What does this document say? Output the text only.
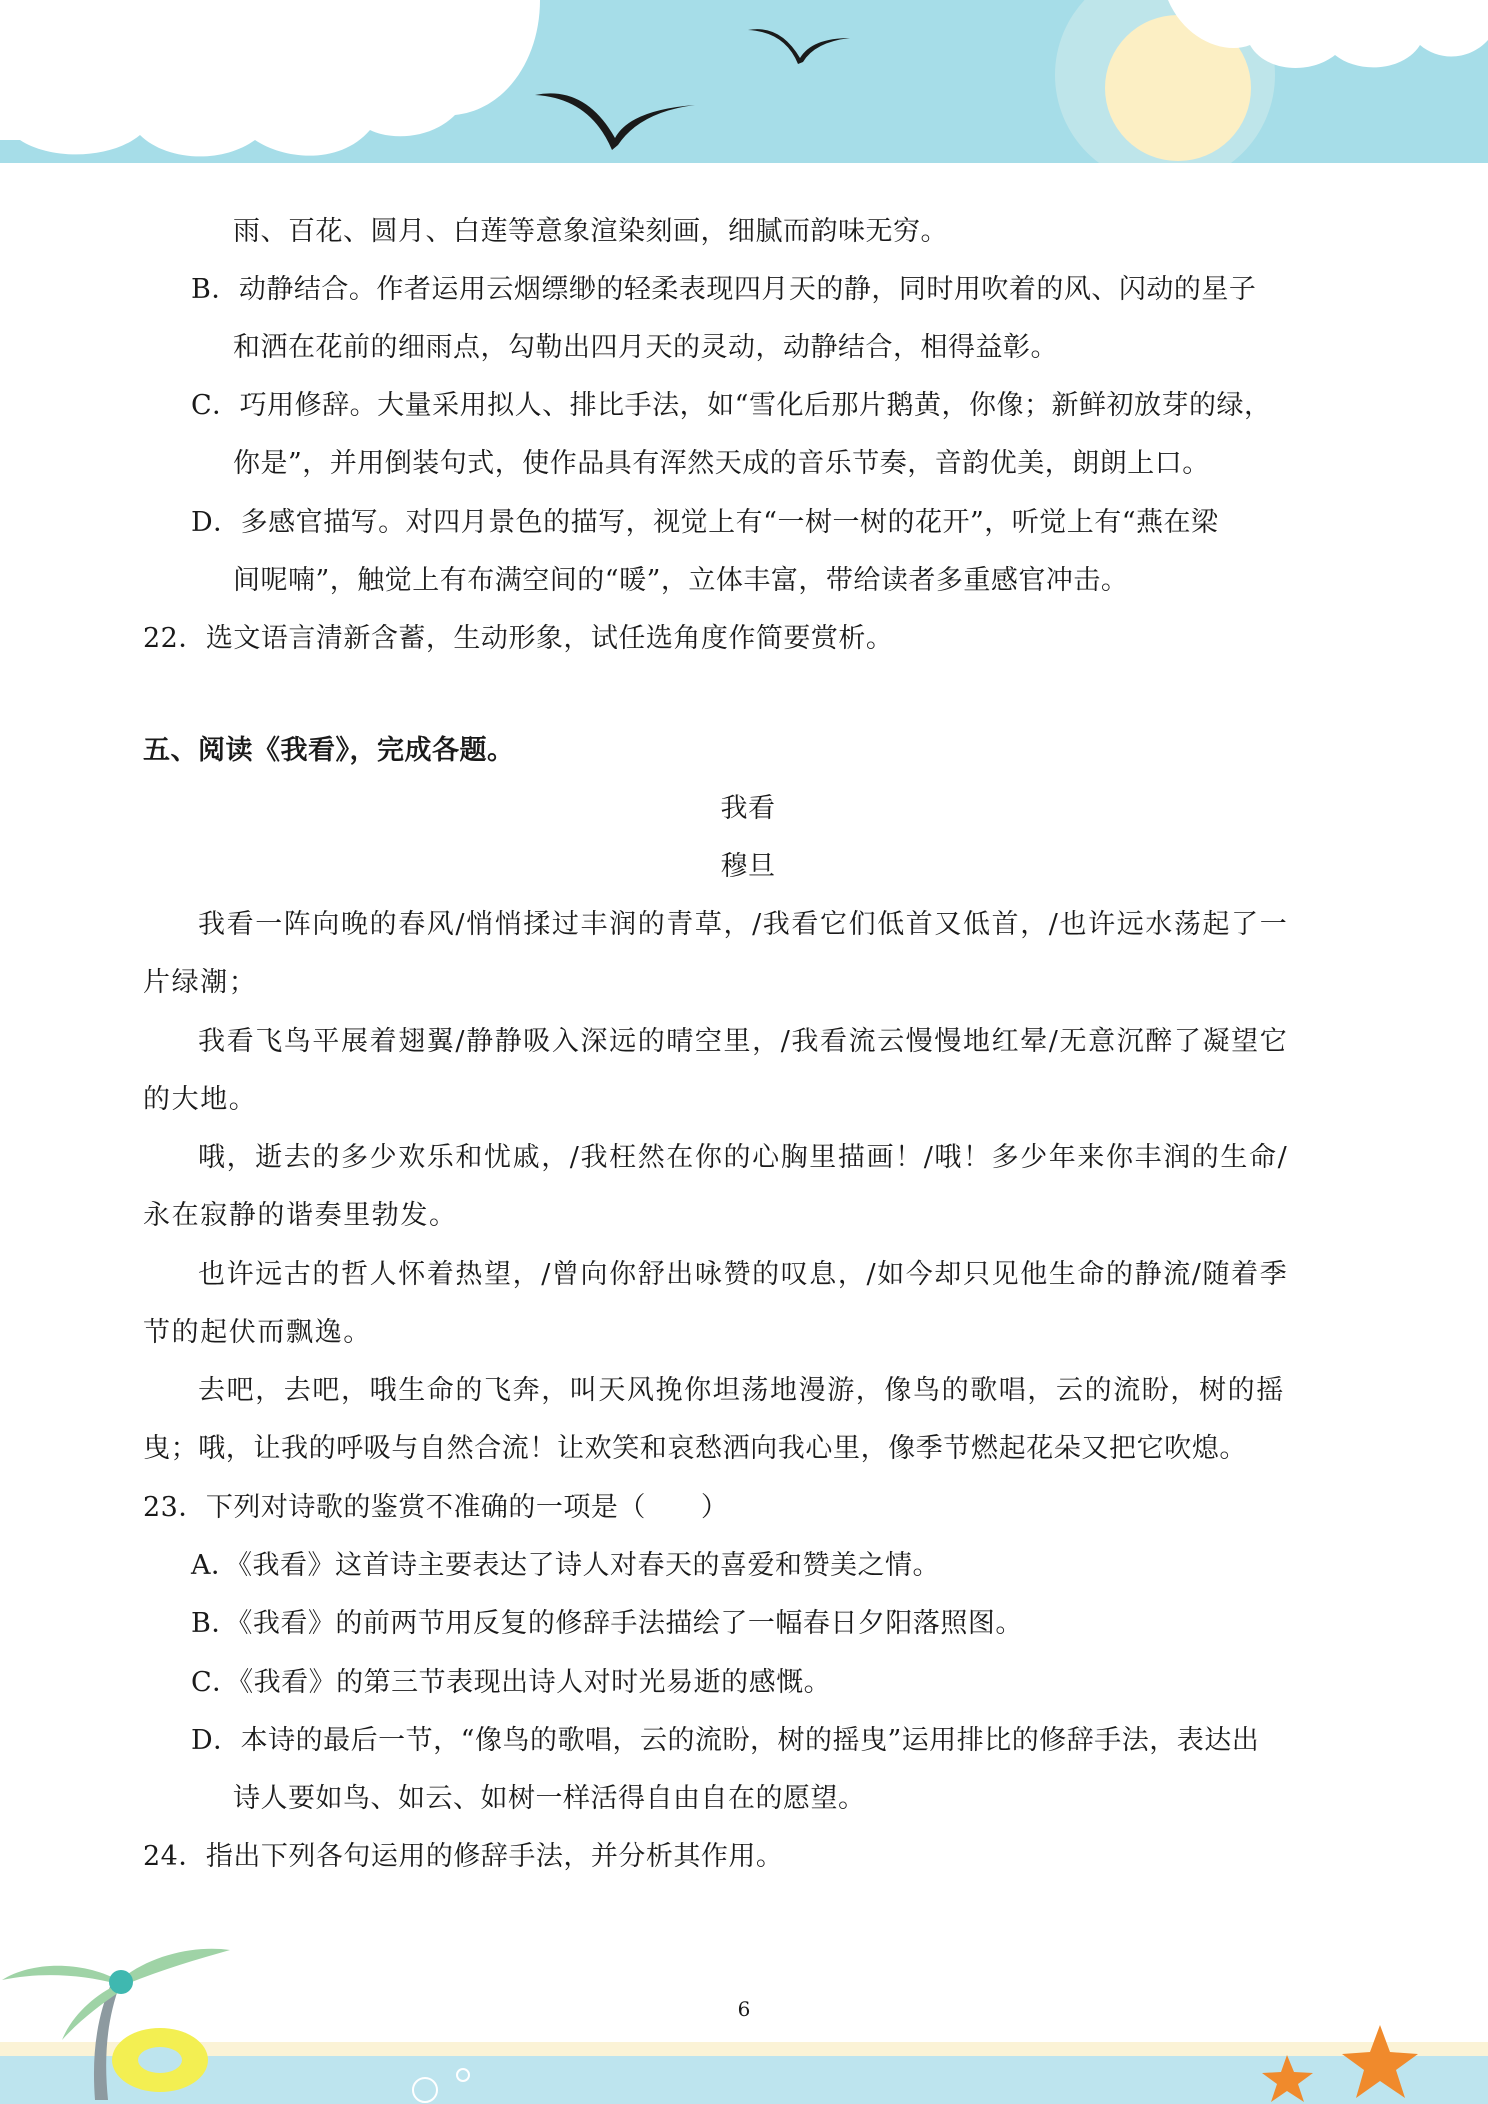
雨、百花、圆月、白莲等意象渲染刻画，细腻而韵味无穷。
B．动静结合。作者运用云烟缥缈的轻柔表现四月天的静，同时用吹着的风、闪动的星子
和洒在花前的细雨点，勾勒出四月天的灵动，动静结合，相得益彰。
C．巧用修辞。大量采用拟人、排比手法，如“雪化后那片鹅黄，你像；新鲜初放芽的绿，
你是”，并用倒装句式，使作品具有浑然天成的音乐节奏，音韵优美，朗朗上口。
D．多感官描写。对四月景色的描写，视觉上有“一树一树的花开”，听觉上有“燕在梁
间呢喃”，触觉上有布满空间的“暖”，立体丰富，带给读者多重感官冲击。
22．选文语言清新含蓄，生动形象，试任选角度作简要赏析。
五、阅读《我看》，完成各题。
我看
穆旦
我看一阵向晚的春风/悄悄揉过丰润的青草，/我看它们低首又低首，/也许远水荡起了一
片绿潮；
我看飞鸟平展着翅翼/静静吸入深远的晴空里，/我看流云慢慢地红晕/无意沉醉了凝望它
的大地。
哦，逝去的多少欢乐和忧戚，/我枉然在你的心胸里描画！/哦！多少年来你丰润的生命/
永在寂静的谐奏里勃发。
也许远古的哲人怀着热望，/曾向你舒出咏赞的叹息，/如今却只见他生命的静流/随着季
节的起伏而飘逸。
去吧，去吧，哦生命的飞奔，叫天风挽你坦荡地漫游，像鸟的歌唱，云的流盼，树的摇
曳；哦，让我的呼吸与自然合流！让欢笑和哀愁洒向我心里，像季节燃起花朵又把它吹熄。
23．下列对诗歌的鉴赏不准确的一项是（　　）
A．《我看》这首诗主要表达了诗人对春天的喜爱和赞美之情。
B．《我看》的前两节用反复的修辞手法描绘了一幅春日夕阳落照图。
C．《我看》的第三节表现出诗人对时光易逝的感慨。
D．本诗的最后一节，“像鸟的歌唱，云的流盼，树的摇曳”运用排比的修辞手法，表达出
诗人要如鸟、如云、如树一样活得自由自在的愿望。
24．指出下列各句运用的修辞手法，并分析其作用。
6
